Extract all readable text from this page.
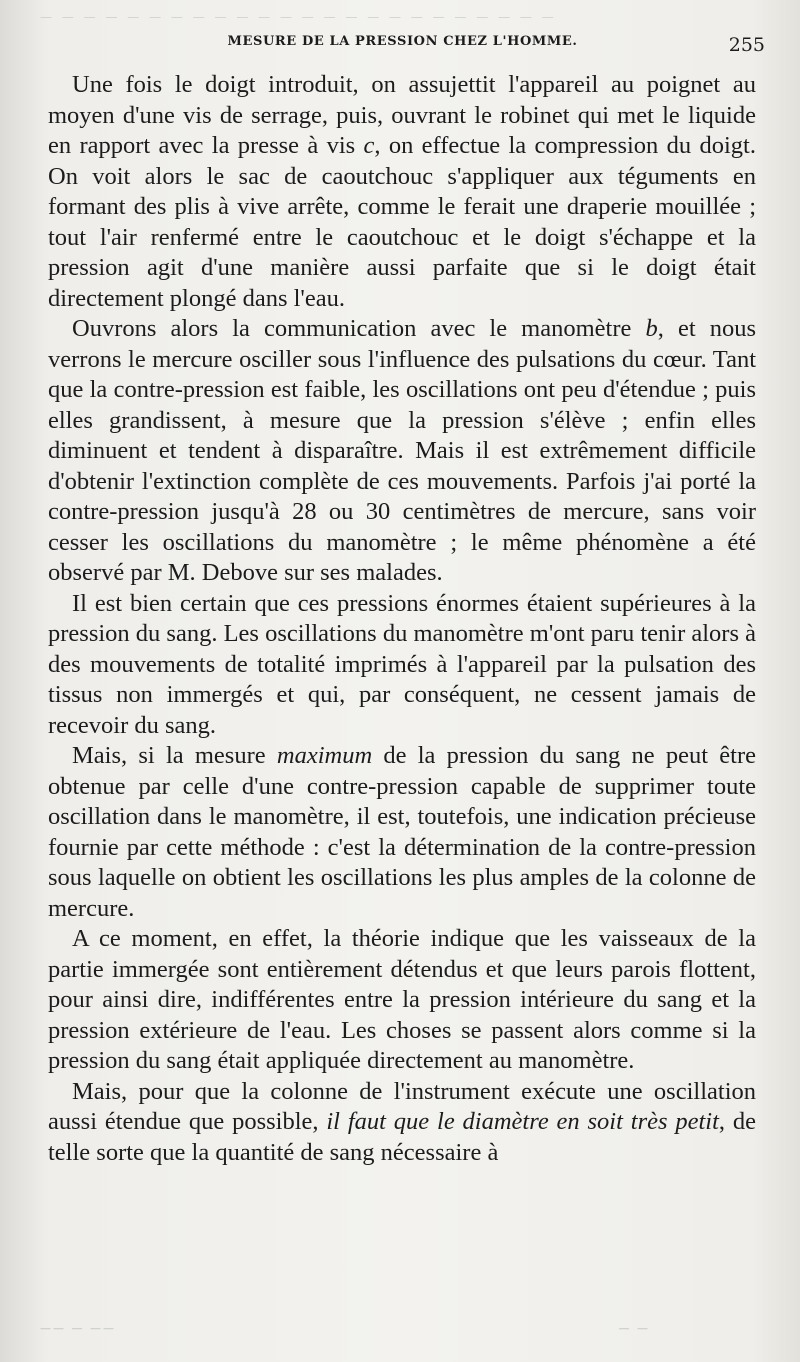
— — — — — — — — — — — — — — — — — — — — — — — —
MESURE DE LA PRESSION CHEZ L'HOMME.	255

Une fois le doigt introduit, on assujettit l'appareil au poignet au moyen d'une vis de serrage, puis, ouvrant le robinet qui met le liquide en rapport avec la presse à vis c, on effectue la compression du doigt. On voit alors le sac de caoutchouc s'appliquer aux téguments en formant des plis à vive arrête, comme le ferait une draperie mouillée ; tout l'air renfermé entre le caoutchouc et le doigt s'échappe et la pression agit d'une manière aussi parfaite que si le doigt était directement plongé dans l'eau.

Ouvrons alors la communication avec le manomètre b, et nous verrons le mercure osciller sous l'influence des pulsations du cœur. Tant que la contre-pression est faible, les oscillations ont peu d'étendue ; puis elles grandissent, à mesure que la pression s'élève ; enfin elles diminuent et tendent à disparaître. Mais il est extrêmement difficile d'obtenir l'extinction complète de ces mouvements. Parfois j'ai porté la contre-pression jusqu'à 28 ou 30 centimètres de mercure, sans voir cesser les oscillations du manomètre ; le même phénomène a été observé par M. Debove sur ses malades.

Il est bien certain que ces pressions énormes étaient supérieures à la pression du sang. Les oscillations du manomètre m'ont paru tenir alors à des mouvements de totalité imprimés à l'appareil par la pulsation des tissus non immergés et qui, par conséquent, ne cessent jamais de recevoir du sang.

Mais, si la mesure maximum de la pression du sang ne peut être obtenue par celle d'une contre-pression capable de supprimer toute oscillation dans le manomètre, il est, toutefois, une indication précieuse fournie par cette méthode : c'est la détermination de la contre-pression sous laquelle on obtient les oscillations les plus amples de la colonne de mercure.

A ce moment, en effet, la théorie indique que les vaisseaux de la partie immergée sont entièrement détendus et que leurs parois flottent, pour ainsi dire, indifférentes entre la pression intérieure du sang et la pression extérieure de l'eau. Les choses se passent alors comme si la pression du sang était appliquée directement au manomètre.

Mais, pour que la colonne de l'instrument exécute une oscillation aussi étendue que possible, il faut que le diamètre en soit très petit, de telle sorte que la quantité de sang nécessaire à

—— — ——	— —
